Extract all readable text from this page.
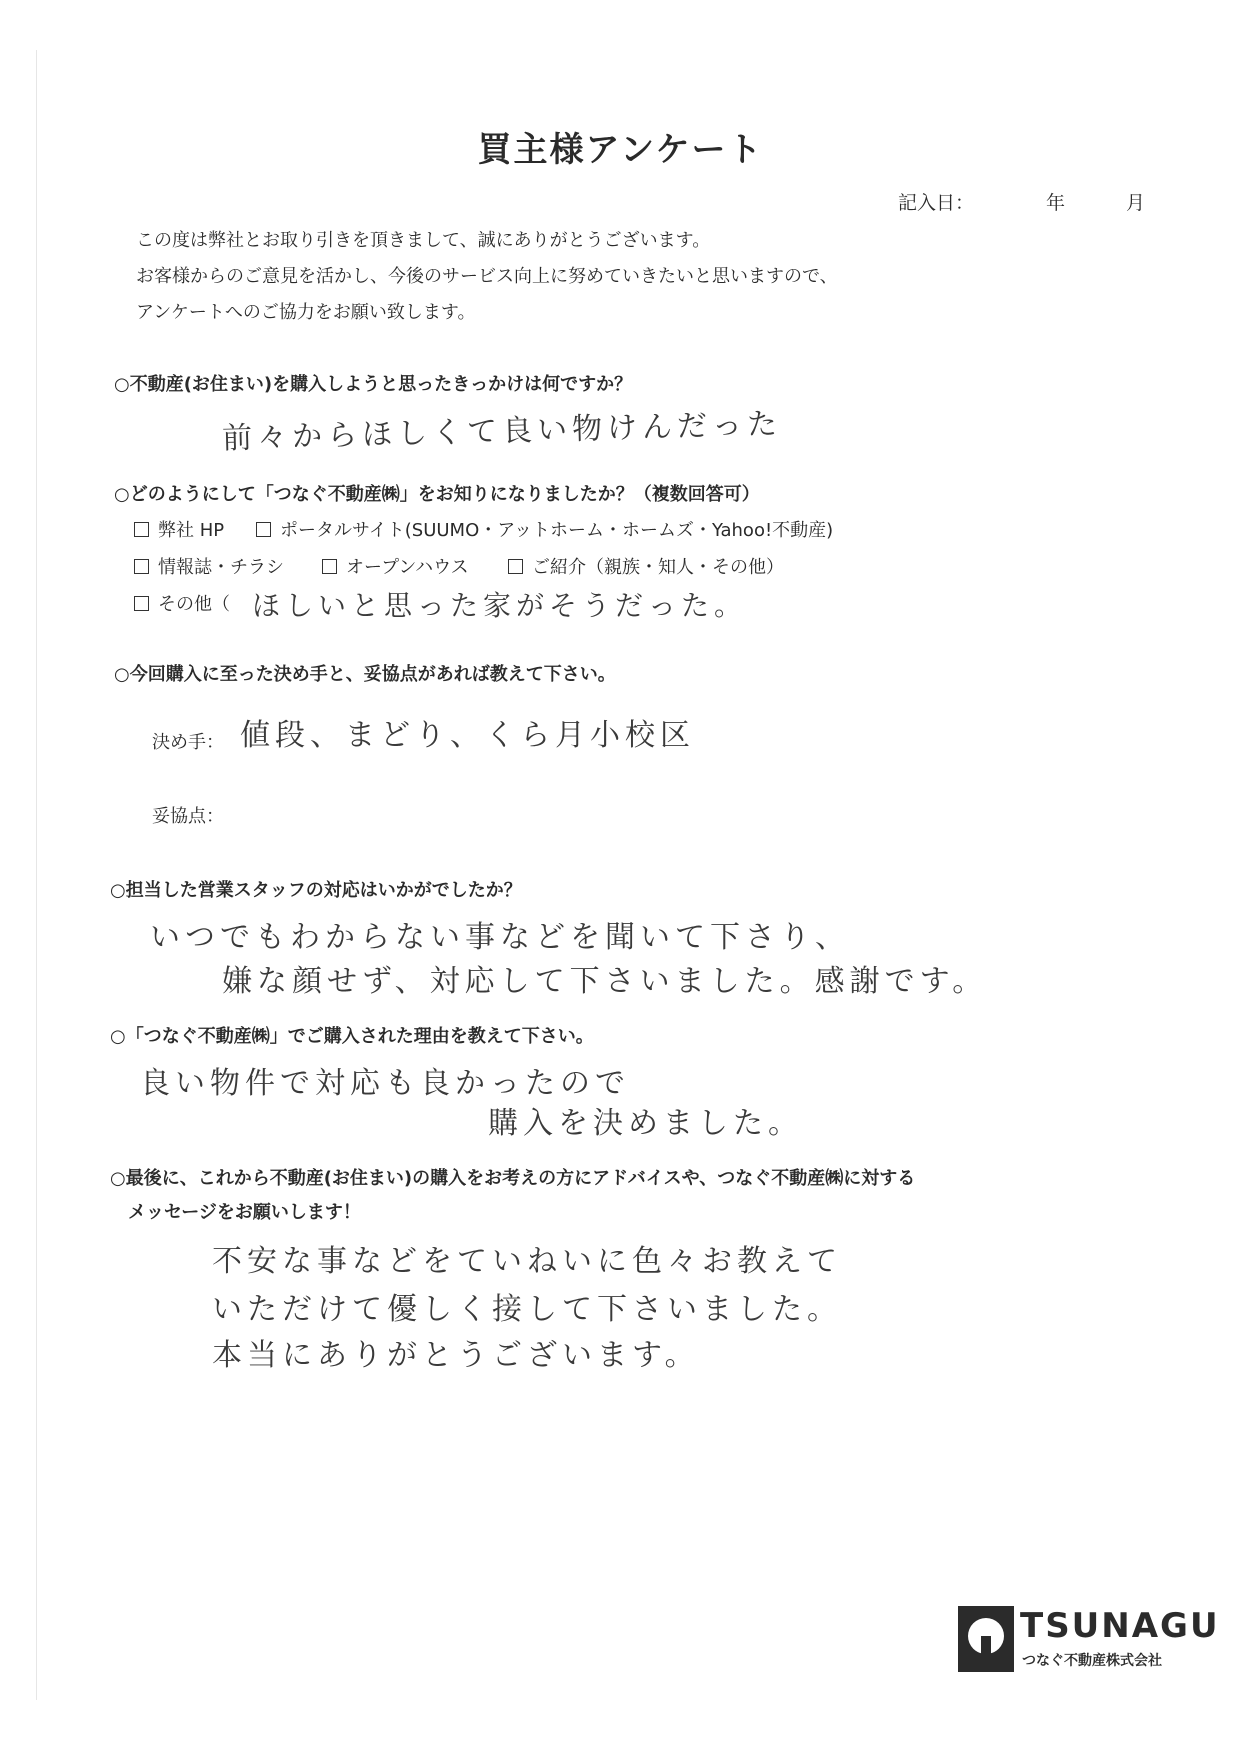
買主様アンケート
記入日：	年	月
この度は弊社とお取り引きを頂きまして、誠にありがとうございます。
お客様からのご意見を活かし、今後のサービス向上に努めていきたいと思いますので、
アンケートへのご協力をお願い致します。
○不動産(お住まい)を購入しようと思ったきっかけは何ですか？
前々からほしくて良い物けんだった
○どのようにして「つなぐ不動産㈱」をお知りになりましたか？（複数回答可）
弊社 HP	ポータルサイト(SUUMO・アットホーム・ホームズ・Yahoo!不動産)
情報誌・チラシ	オープンハウス	ご紹介（親族・知人・その他）
その他（ ほしいと思った家がそうだった。
○今回購入に至った決め手と、妥協点があれば教えて下さい。
決め手： 値段、まどり、くら月小校区
妥協点：
○担当した営業スタッフの対応はいかがでしたか？
いつでもわからない事などを聞いて下さり、
嫌な顔せず、対応して下さいました。感謝です。
○「つなぐ不動産㈱」でご購入された理由を教えて下さい。
良い物件で対応も良かったので
購入を決めました。
○最後に、これから不動産(お住まい)の購入をお考えの方にアドバイスや、つなぐ不動産㈱に対する
メッセージをお願いします！
不安な事などをていねいに色々お教えて
いただけて優しく接して下さいました。
本当にありがとうございます。
TSUNAGU
つなぐ不動産株式会社
